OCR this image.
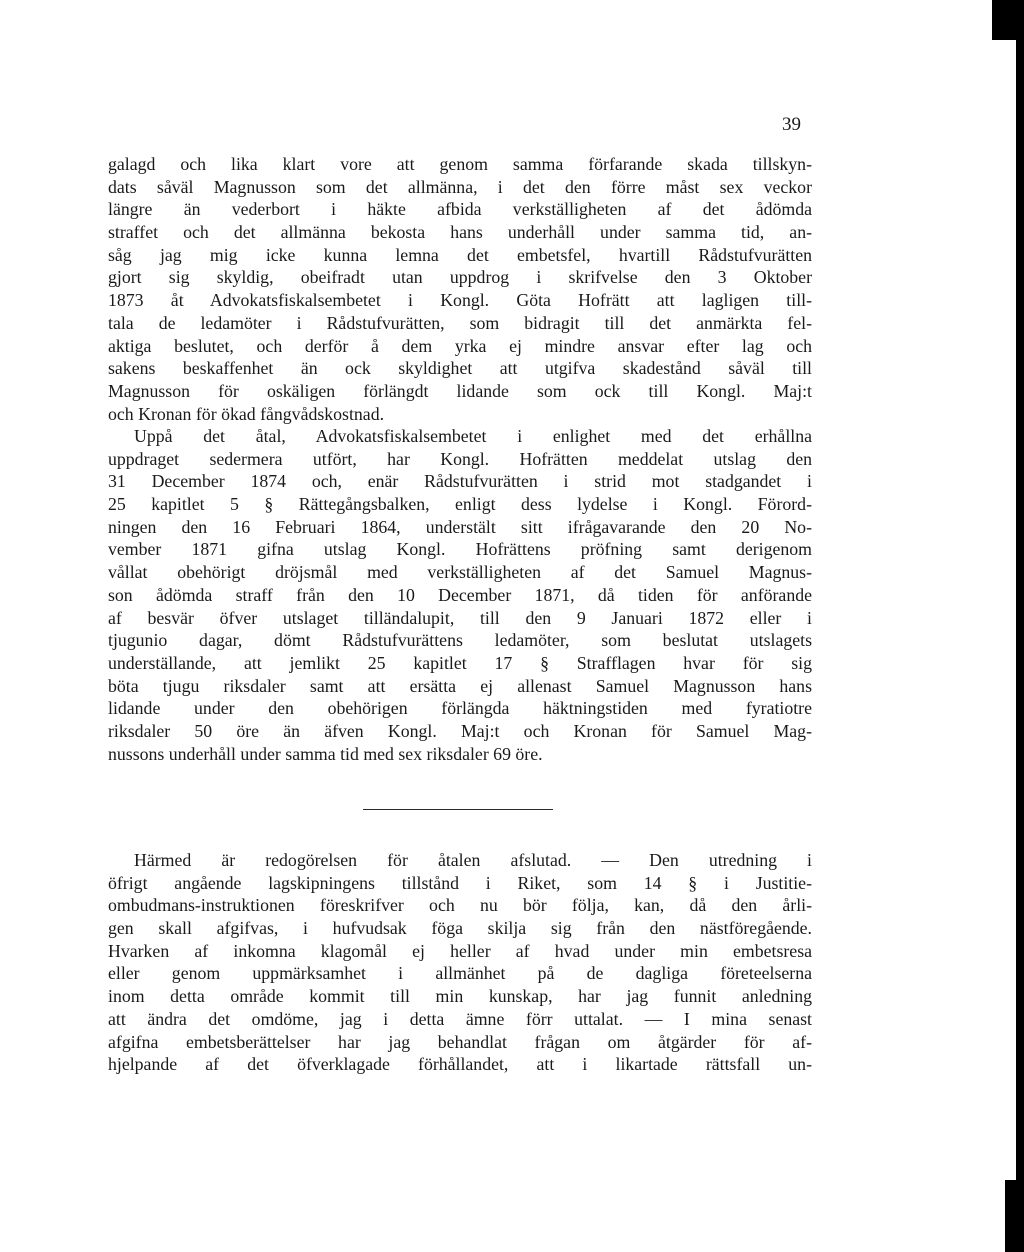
39
galagd och lika klart vore att genom samma förfarande skada tillskyn-
dats såväl Magnusson som det allmänna, i det den förre måst sex veckor
längre än vederbort i häkte afbida verkställigheten af det ådömda
straffet och det allmänna bekosta hans underhåll under samma tid, an-
såg jag mig icke kunna lemna det embetsfel, hvartill Rådstufvurätten
gjort sig skyldig, obeifradt utan uppdrog i skrifvelse den 3 Oktober
1873 åt Advokatsfiskalsembetet i Kongl. Göta Hofrätt att lagligen till-
tala de ledamöter i Rådstufvurätten, som bidragit till det anmärkta fel-
aktiga beslutet, och derför å dem yrka ej mindre ansvar efter lag och
sakens beskaffenhet än ock skyldighet att utgifva skadestånd såväl till
Magnusson för oskäligen förlängdt lidande som ock till Kongl. Maj:t
och Kronan för ökad fångvådskostnad.
Uppå det åtal, Advokatsfiskalsembetet i enlighet med det erhållna
uppdraget sedermera utfört, har Kongl. Hofrätten meddelat utslag den
31 December 1874 och, enär Rådstufvurätten i strid mot stadgandet i
25 kapitlet 5 § Rättegångsbalken, enligt dess lydelse i Kongl. Förord-
ningen den 16 Februari 1864, understält sitt ifrågavarande den 20 No-
vember 1871 gifna utslag Kongl. Hofrättens pröfning samt derigenom
vållat obehörigt dröjsmål med verkställigheten af det Samuel Magnus-
son ådömda straff från den 10 December 1871, då tiden för anförande
af besvär öfver utslaget tilländalupit, till den 9 Januari 1872 eller i
tjugunio dagar, dömt Rådstufvurättens ledamöter, som beslutat utslagets
underställande, att jemlikt 25 kapitlet 17 § Strafflagen hvar för sig
böta tjugu riksdaler samt att ersätta ej allenast Samuel Magnusson hans
lidande under den obehörigen förlängda häktningstiden med fyratiotre
riksdaler 50 öre än äfven Kongl. Maj:t och Kronan för Samuel Mag-
nussons underhåll under samma tid med sex riksdaler 69 öre.
Härmed är redogörelsen för åtalen afslutad. — Den utredning i
öfrigt angående lagskipningens tillstånd i Riket, som 14 § i Justitie-
ombudmans-instruktionen föreskrifver och nu bör följa, kan, då den årli-
gen skall afgifvas, i hufvudsak föga skilja sig från den nästföregående.
Hvarken af inkomna klagomål ej heller af hvad under min embetsresa
eller genom uppmärksamhet i allmänhet på de dagliga företeelserna
inom detta område kommit till min kunskap, har jag funnit anledning
att ändra det omdöme, jag i detta ämne förr uttalat. — I mina senast
afgifna embetsberättelser har jag behandlat frågan om åtgärder för af-
hjelpande af det öfverklagade förhållandet, att i likartade rättsfall un-
